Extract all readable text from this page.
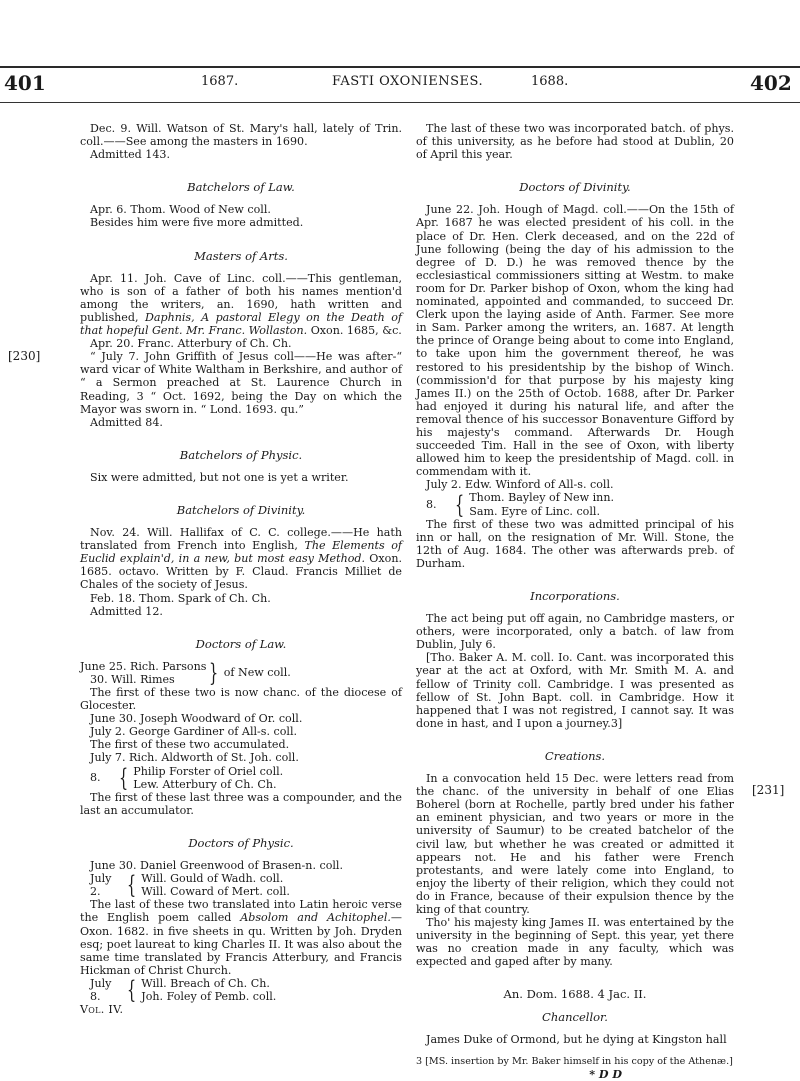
401	1687.	FASTI OXONIENSES.	1688.	402
[230]
[231]

Dec. 9. Will. Watson of St. Mary's hall, lately of Trin. coll.——See among the masters in 1690.

Admitted 143.

Batchelors of Law.

Apr. 6. Thom. Wood of New coll.

Besides him were five more admitted.

Masters of Arts.

Apr. 11. Joh. Cave of Linc. coll.——This gentleman, who is son of a father of both his names mention'd among the writers, an. 1690, hath written and published, Daphnis, A pastoral Elegy on the Death of that hopeful Gent. Mr. Franc. Wollaston. Oxon. 1685, &c.

Apr. 20. Franc. Atterbury of Ch. Ch.

“ July 7. John Griffith of Jesus coll——He was after-“ ward vicar of White Waltham in Berkshire, and author of “ a Sermon preached at St. Laurence Church in Reading, 3 “ Oct. 1692, being the Day on which the Mayor was sworn in. “ Lond. 1693. qu.”

Admitted 84.

Batchelors of Physic.

Six were admitted, but not one is yet a writer.

Batchelors of Divinity.

Nov. 24. Will. Hallifax of C. C. college.——He hath translated from French into English, The Elements of Euclid explain'd, in a new, but most easy Method. Oxon. 1685. octavo. Written by F. Claud. Francis Milliet de Chales of the society of Jesus.

Feb. 18. Thom. Spark of Ch. Ch.

Admitted 12.

Doctors of Law.

June 25. Rich. Parsons

30. Will. Rimes	} of New coll.

The first of these two is now chanc. of the diocese of Glocester.

June 30. Joseph Woodward of Or. coll.

July 2. George Gardiner of All-s. coll.

The first of these two accumulated.

July 7. Rich. Aldworth of St. Joh. coll.

8. { Philip Forster of Oriel coll.

Lew. Atterbury of Ch. Ch.

The first of these last three was a compounder, and the last an accumulator.

Doctors of Physic.

June 30. Daniel Greenwood of Brasen-n. coll.

July 2.	{ Will. Gould of Wadh. coll.

Will. Coward of Mert. coll.

The last of these two translated into Latin heroic verse the English poem called Absolom and Achitophel.—Oxon. 1682. in five sheets in qu. Written by Joh. Dryden esq; poet laureat to king Charles II. It was also about the same time translated by Francis Atterbury, and Francis Hickman of Christ Church.

July 8.	{ Will. Breach of Ch. Ch.

Joh. Foley of Pemb. coll.

Vol. IV.

The last of these two was incorporated batch. of phys. of this university, as he before had stood at Dublin, 20 of April this year.

Doctors of Divinity.

June 22. Joh. Hough of Magd. coll.——On the 15th of Apr. 1687 he was elected president of his coll. in the place of Dr. Hen. Clerk deceased, and on the 22d of June following (being the day of his admission to the degree of D. D.) he was removed thence by the ecclesiastical commissioners sitting at Westm. to make room for Dr. Parker bishop of Oxon, whom the king had nominated, appointed and commanded, to succeed Dr. Clerk upon the laying aside of Anth. Farmer. See more in Sam. Parker among the writers, an. 1687. At length the prince of Orange being about to come into England, to take upon him the government thereof, he was restored to his presidentship by the bishop of Winch. (commission'd for that purpose by his majesty king James II.) on the 25th of Octob. 1688, after Dr. Parker had enjoyed it during his natural life, and after the removal thence of his successor Bonaventure Gifford by his majesty's command. Afterwards Dr. Hough succeeded Tim. Hall in the see of Oxon, with liberty allowed him to keep the presidentship of Magd. coll. in commendam with it.

July 2. Edw. Winford of All-s. coll.

8. { Thom. Bayley of New inn.

Sam. Eyre of Linc. coll.

The first of these two was admitted principal of his inn or hall, on the resignation of Mr. Will. Stone, the 12th of Aug. 1684. The other was afterwards preb. of Durham.

Incorporations.

The act being put off again, no Cambridge masters, or others, were incorporated, only a batch. of law from Dublin, July 6.

[Tho. Baker A. M. coll. Io. Cant. was incorporated this year at the act at Oxford, with Mr. Smith M. A. and fellow of Trinity coll. Cambridge. I was presented as fellow of St. John Bapt. coll. in Cambridge. How it happened that I was not registred, I cannot say. It was done in hast, and I upon a journey.3]

Creations.

In a convocation held 15 Dec. were letters read from the chanc. of the university in behalf of one Elias Boherel (born at Rochelle, partly bred under his father an eminent physician, and two years or more in the university of Saumur) to be created batchelor of the civil law, but whether he was created or admitted it appears not. He and his father were French protestants, and were lately come into England, to enjoy the liberty of their religion, which they could not do in France, because of their expulsion thence by the king of that country.

Tho' his majesty king James II. was entertained by the university in the beginning of Sept. this year, yet there was no creation made in any faculty, which was expected and gaped after by many.

An. Dom. 1688. 4 Jac. II.

Chancellor.

James Duke of Ormond, but he dying at Kingston hall

3 [MS. insertion by Mr. Baker himself in his copy of the Athenæ.]

* D D
